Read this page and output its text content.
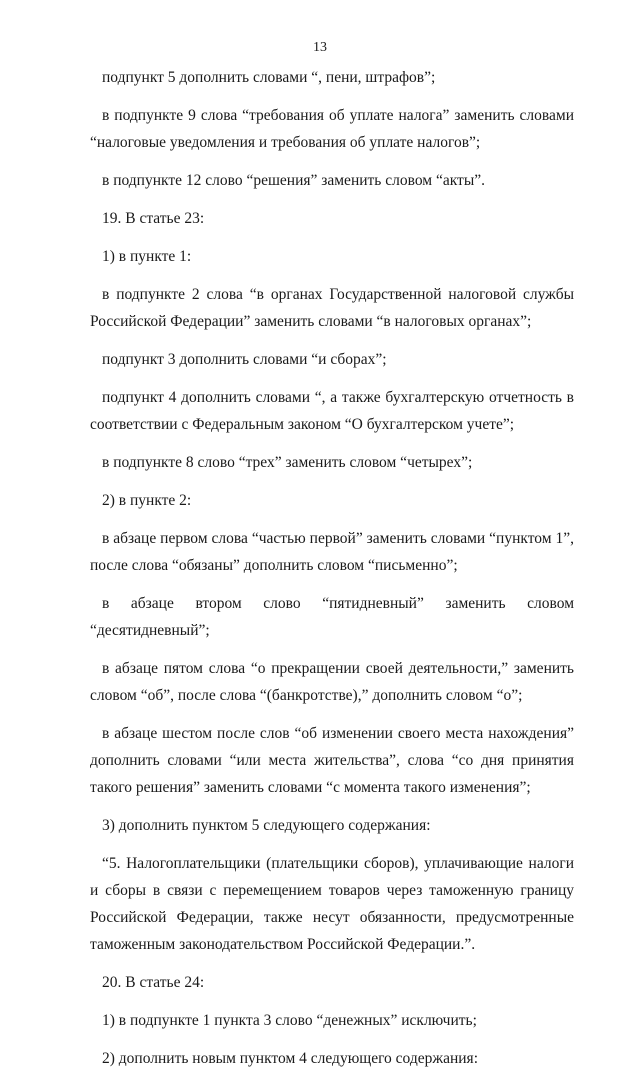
13

подпункт 5 дополнить словами “, пени, штрафов”;

в подпункте 9 слова “требования об уплате налога” заменить словами “налоговые уведомления и требования об уплате налогов”;

в подпункте 12 слово “решения” заменить словом “акты”.

19. В статье 23:

1) в пункте 1:

в подпункте 2 слова “в органах Государственной налоговой службы Российской Федерации” заменить словами “в налоговых органах”;

подпункт 3 дополнить словами “и сборах”;

подпункт 4 дополнить словами “, а также бухгалтерскую отчетность в соответствии с Федеральным законом “О бухгалтерском учете”;

в подпункте 8 слово “трех” заменить словом “четырех”;

2) в пункте 2:

в абзаце первом слова “частью первой” заменить словами “пунктом 1”, после слова “обязаны” дополнить словом “письменно”;

в абзаце втором слово “пятидневный” заменить словом “десятидневный”;

в абзаце пятом слова “о прекращении своей деятельности,” заменить словом “об”, после слова “(банкротстве),” дополнить словом “о”;

в абзаце шестом после слов “об изменении своего места нахождения” дополнить словами “или места жительства”, слова “со дня принятия такого решения” заменить словами “с момента такого изменения”;

3) дополнить пунктом 5 следующего содержания:

“5. Налогоплательщики (плательщики сборов), уплачивающие налоги и сборы в связи с перемещением товаров через таможенную границу Российской Федерации, также несут обязанности, предусмотренные таможенным законодательством Российской Федерации.”.

20. В статье 24:

1) в подпункте 1 пункта 3 слово “денежных” исключить;

2) дополнить новым пунктом 4 следующего содержания:
